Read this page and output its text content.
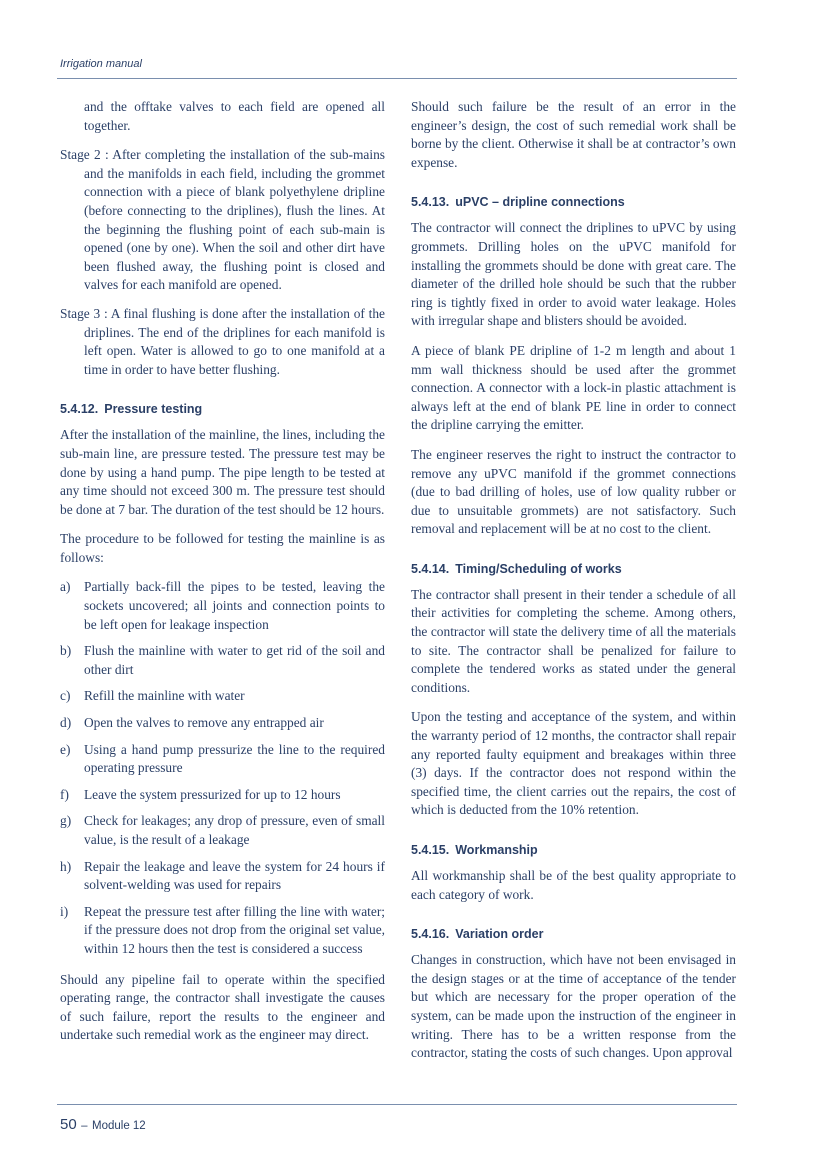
Irrigation manual

and the offtake valves to each field are opened all together.

Stage 2 : After completing the installation of the sub-mains and the manifolds in each field, including the grommet connection with a piece of blank polyethylene dripline (before connecting to the driplines), flush the lines. At the beginning the flushing point of each sub-main is opened (one by one). When the soil and other dirt have been flushed away, the flushing point is closed and valves for each manifold are opened.

Stage 3 : A final flushing is done after the installation of the driplines. The end of the driplines for each manifold is left open. Water is allowed to go to one manifold at a time in order to have better flushing.

5.4.12. Pressure testing

After the installation of the mainline, the lines, including the sub-main line, are pressure tested. The pressure test may be done by using a hand pump. The pipe length to be tested at any time should not exceed 300 m. The pressure test should be done at 7 bar. The duration of the test should be 12 hours.

The procedure to be followed for testing the mainline is as follows:

a) Partially back-fill the pipes to be tested, leaving the sockets uncovered; all joints and connection points to be left open for leakage inspection
b) Flush the mainline with water to get rid of the soil and other dirt
c) Refill the mainline with water
d) Open the valves to remove any entrapped air
e) Using a hand pump pressurize the line to the required operating pressure
f) Leave the system pressurized for up to 12 hours
g) Check for leakages; any drop of pressure, even of small value, is the result of a leakage
h) Repair the leakage and leave the system for 24 hours if solvent-welding was used for repairs
i) Repeat the pressure test after filling the line with water; if the pressure does not drop from the original set value, within 12 hours then the test is considered a success

Should any pipeline fail to operate within the specified operating range, the contractor shall investigate the causes of such failure, report the results to the engineer and undertake such remedial work as the engineer may direct.

Should such failure be the result of an error in the engineer’s design, the cost of such remedial work shall be borne by the client. Otherwise it shall be at contractor’s own expense.

5.4.13. uPVC – dripline connections

The contractor will connect the driplines to uPVC by using grommets. Drilling holes on the uPVC manifold for installing the grommets should be done with great care. The diameter of the drilled hole should be such that the rubber ring is tightly fixed in order to avoid water leakage. Holes with irregular shape and blisters should be avoided.

A piece of blank PE dripline of 1-2 m length and about 1 mm wall thickness should be used after the grommet connection. A connector with a lock-in plastic attachment is always left at the end of blank PE line in order to connect the dripline carrying the emitter.

The engineer reserves the right to instruct the contractor to remove any uPVC manifold if the grommet connections (due to bad drilling of holes, use of low quality rubber or due to unsuitable grommets) are not satisfactory. Such removal and replacement will be at no cost to the client.

5.4.14. Timing/Scheduling of works

The contractor shall present in their tender a schedule of all their activities for completing the scheme. Among others, the contractor will state the delivery time of all the materials to site. The contractor shall be penalized for failure to complete the tendered works as stated under the general conditions.

Upon the testing and acceptance of the system, and within the warranty period of 12 months, the contractor shall repair any reported faulty equipment and breakages within three (3) days. If the contractor does not respond within the specified time, the client carries out the repairs, the cost of which is deducted from the 10% retention.

5.4.15. Workmanship

All workmanship shall be of the best quality appropriate to each category of work.

5.4.16. Variation order

Changes in construction, which have not been envisaged in the design stages or at the time of acceptance of the tender but which are necessary for the proper operation of the system, can be made upon the instruction of the engineer in writing. There has to be a written response from the contractor, stating the costs of such changes. Upon approval

50 – Module 12
